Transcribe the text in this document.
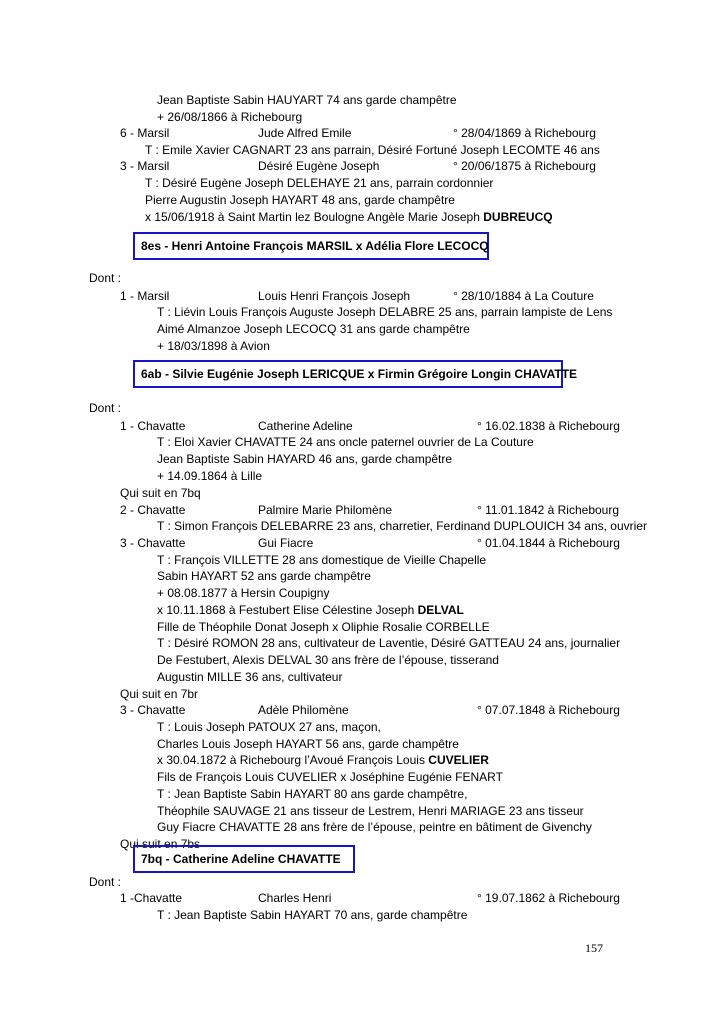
Jean Baptiste Sabin HAUYART 74 ans garde champêtre
+ 26/08/1866 à Richebourg
6 - Marsil	Jude Alfred Emile	° 28/04/1869 à Richebourg
T : Emile Xavier CAGNART 23 ans parrain, Désiré Fortuné Joseph LECOMTE 46 ans
3 - Marsil	Désiré Eugène Joseph	° 20/06/1875 à Richebourg
T : Désiré Eugène Joseph DELEHAYE 21 ans, parrain cordonnier
Pierre Augustin Joseph HAYART 48 ans, garde champêtre
x 15/06/1918 à Saint Martin lez Boulogne Angèle Marie Joseph DUBREUCQ
8es - Henri Antoine François MARSIL x Adélia Flore LECOCQ
Dont :
1 - Marsil	Louis Henri François Joseph	° 28/10/1884 à La Couture
T : Liévin Louis François Auguste Joseph DELABRE 25 ans, parrain lampiste de Lens
Aimé Almanzoe Joseph LECOCQ 31 ans garde champêtre
+ 18/03/1898 à Avion
6ab - Silvie Eugénie Joseph LERICQUE x Firmin Grégoire Longin CHAVATTE
Dont :
1 - Chavatte	Catherine Adeline	° 16.02.1838 à Richebourg
T : Eloi Xavier CHAVATTE 24 ans oncle paternel ouvrier de La Couture
Jean Baptiste Sabin HAYARD 46 ans, garde champêtre
+ 14.09.1864 à Lille
Qui suit en 7bq
2 - Chavatte	Palmire Marie Philomène	° 11.01.1842 à Richebourg
T : Simon François DELEBARRE 23 ans, charretier, Ferdinand DUPLOUICH 34 ans, ouvrier
3 - Chavatte	Gui Fiacre	° 01.04.1844 à Richebourg
T : François VILLETTE 28 ans domestique de Vieille Chapelle
Sabin HAYART 52 ans garde champêtre
+ 08.08.1877 à Hersin Coupigny
x 10.11.1868 à Festubert Elise Célestine Joseph DELVAL
Fille de Théophile Donat Joseph x Oliphie Rosalie CORBELLE
T : Désiré ROMON 28 ans, cultivateur de Laventie, Désiré GATTEAU 24 ans, journalier
De Festubert, Alexis DELVAL 30 ans frère de l’épouse, tisserand
Augustin MILLE 36 ans, cultivateur
Qui suit en 7br
3 - Chavatte	Adèle Philomène	° 07.07.1848 à Richebourg
T : Louis Joseph PATOUX 27 ans, maçon,
Charles Louis Joseph HAYART 56 ans, garde champêtre
x 30.04.1872 à Richebourg l’Avoué François Louis CUVELIER
Fils de François Louis CUVELIER x Joséphine Eugénie FENART
T : Jean Baptiste Sabin HAYART 80 ans garde champêtre,
Théophile SAUVAGE 21 ans tisseur de Lestrem, Henri MARIAGE 23 ans tisseur
Guy Fiacre CHAVATTE 28 ans frère de l’épouse, peintre en bâtiment de Givenchy
Qui suit en 7bs
7bq - Catherine Adeline CHAVATTE
Dont :
1 -Chavatte	Charles Henri	° 19.07.1862 à Richebourg
T : Jean Baptiste Sabin HAYART 70 ans, garde champêtre
157
